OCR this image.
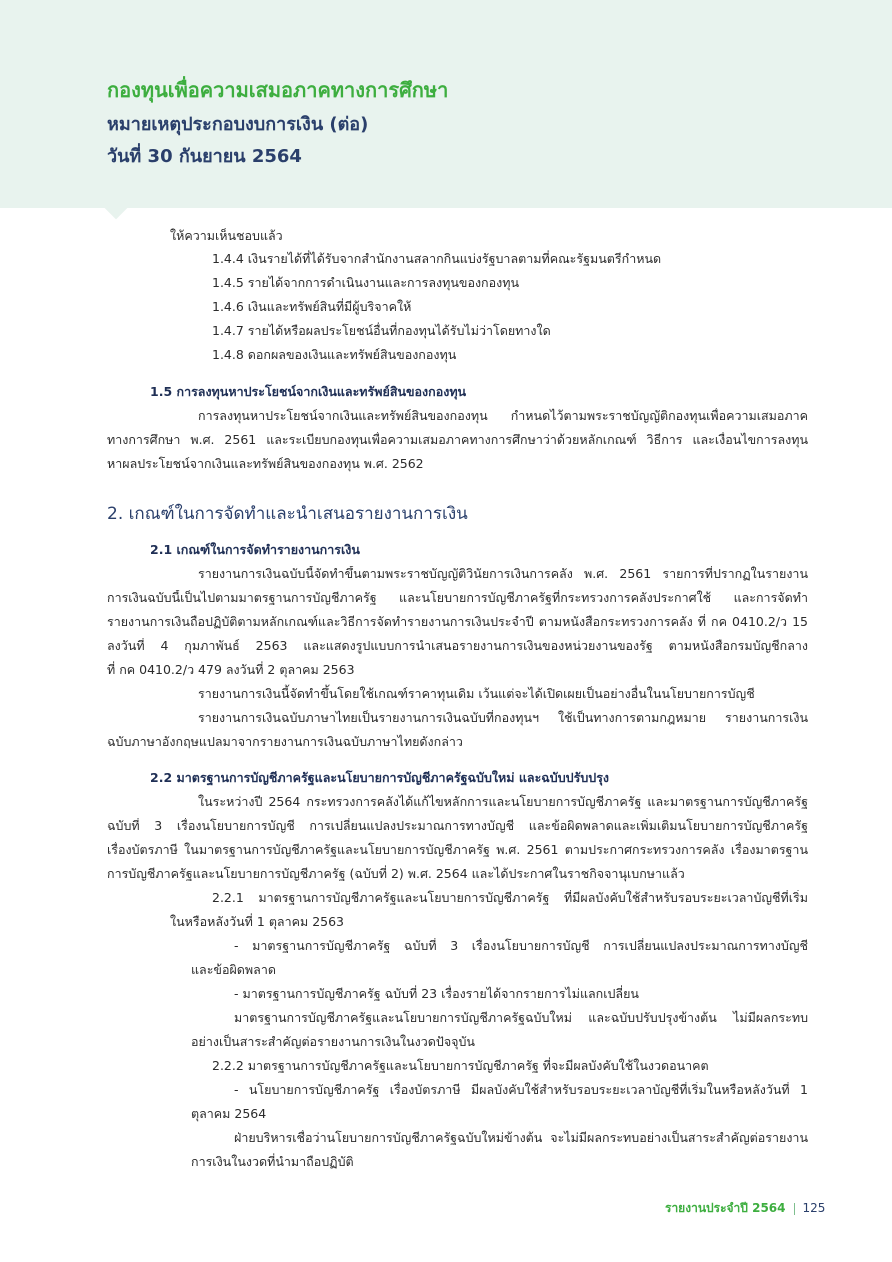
กองทุนเพื่อความเสมอภาคทางการศึกษา
หมายเหตุประกอบงบการเงิน (ต่อ)
วันที่ 30 กันยายน 2564
ให้ความเห็นชอบแล้ว
1.4.4 เงินรายได้ที่ได้รับจากสำนักงานสลากกินแบ่งรัฐบาลตามที่คณะรัฐมนตรีกำหนด
1.4.5 รายได้จากการดำเนินงานและการลงทุนของกองทุน
1.4.6 เงินและทรัพย์สินที่มีผู้บริจาคให้
1.4.7 รายได้หรือผลประโยชน์อื่นที่กองทุนได้รับไม่ว่าโดยทางใด
1.4.8 ดอกผลของเงินและทรัพย์สินของกองทุน
1.5 การลงทุนหาประโยชน์จากเงินและทรัพย์สินของกองทุน
การลงทุนหาประโยชน์จากเงินและทรัพย์สินของกองทุน กำหนดไว้ตามพระราชบัญญัติกองทุนเพื่อความเสมอภาค
ทางการศึกษา พ.ศ. 2561 และระเบียบกองทุนเพื่อความเสมอภาคทางการศึกษาว่าด้วยหลักเกณฑ์ วิธีการ และเงื่อนไขการลงทุน
หาผลประโยชน์จากเงินและทรัพย์สินของกองทุน พ.ศ. 2562
2. เกณฑ์ในการจัดทำและนำเสนอรายงานการเงิน
2.1 เกณฑ์ในการจัดทำรายงานการเงิน
รายงานการเงินฉบับนี้จัดทำขึ้นตามพระราชบัญญัติวินัยการเงินการคลัง พ.ศ. 2561 รายการที่ปรากฏในรายงาน
การเงินฉบับนี้เป็นไปตามมาตรฐานการบัญชีภาครัฐ และนโยบายการบัญชีภาครัฐที่กระทรวงการคลังประกาศใช้ และการจัดทำ
รายงานการเงินถือปฏิบัติตามหลักเกณฑ์และวิธีการจัดทำรายงานการเงินประจำปี ตามหนังสือกระทรวงการคลัง ที่ กค 0410.2/ว 15
ลงวันที่ 4 กุมภาพันธ์ 2563 และแสดงรูปแบบการนำเสนอรายงานการเงินของหน่วยงานของรัฐ ตามหนังสือกรมบัญชีกลาง
ที่ กค 0410.2/ว 479 ลงวันที่ 2 ตุลาคม 2563
รายงานการเงินนี้จัดทำขึ้นโดยใช้เกณฑ์ราคาทุนเดิม เว้นแต่จะได้เปิดเผยเป็นอย่างอื่นในนโยบายการบัญชี
รายงานการเงินฉบับภาษาไทยเป็นรายงานการเงินฉบับที่กองทุนฯ ใช้เป็นทางการตามกฎหมาย รายงานการเงิน
ฉบับภาษาอังกฤษแปลมาจากรายงานการเงินฉบับภาษาไทยดังกล่าว
2.2 มาตรฐานการบัญชีภาครัฐและนโยบายการบัญชีภาครัฐฉบับใหม่ และฉบับปรับปรุง
ในระหว่างปี 2564 กระทรวงการคลังได้แก้ไขหลักการและนโยบายการบัญชีภาครัฐ และมาตรฐานการบัญชีภาครัฐ
ฉบับที่ 3 เรื่องนโยบายการบัญชี การเปลี่ยนแปลงประมาณการทางบัญชี และข้อผิดพลาดและเพิ่มเติมนโยบายการบัญชีภาครัฐ
เรื่องบัตรภาษี ในมาตรฐานการบัญชีภาครัฐและนโยบายการบัญชีภาครัฐ พ.ศ. 2561 ตามประกาศกระทรวงการคลัง เรื่องมาตรฐาน
การบัญชีภาครัฐและนโยบายการบัญชีภาครัฐ (ฉบับที่ 2) พ.ศ. 2564 และได้ประกาศในราชกิจจานุเบกษาแล้ว
2.2.1 มาตรฐานการบัญชีภาครัฐและนโยบายการบัญชีภาครัฐ ที่มีผลบังคับใช้สำหรับรอบระยะเวลาบัญชีที่เริ่ม
ในหรือหลังวันที่ 1 ตุลาคม 2563
- มาตรฐานการบัญชีภาครัฐ ฉบับที่ 3 เรื่องนโยบายการบัญชี การเปลี่ยนแปลงประมาณการทางบัญชี
และข้อผิดพลาด
- มาตรฐานการบัญชีภาครัฐ ฉบับที่ 23 เรื่องรายได้จากรายการไม่แลกเปลี่ยน
มาตรฐานการบัญชีภาครัฐและนโยบายการบัญชีภาครัฐฉบับใหม่ และฉบับปรับปรุงข้างต้น ไม่มีผลกระทบ
อย่างเป็นสาระสำคัญต่อรายงานการเงินในงวดปัจจุบัน
2.2.2 มาตรฐานการบัญชีภาครัฐและนโยบายการบัญชีภาครัฐ ที่จะมีผลบังคับใช้ในงวดอนาคต
- นโยบายการบัญชีภาครัฐ เรื่องบัตรภาษี มีผลบังคับใช้สำหรับรอบระยะเวลาบัญชีที่เริ่มในหรือหลังวันที่ 1
ตุลาคม 2564
ฝ่ายบริหารเชื่อว่านโยบายการบัญชีภาครัฐฉบับใหม่ข้างต้น จะไม่มีผลกระทบอย่างเป็นสาระสำคัญต่อรายงาน
การเงินในงวดที่นำมาถือปฏิบัติ
รายงานประจำปี 2564 125
